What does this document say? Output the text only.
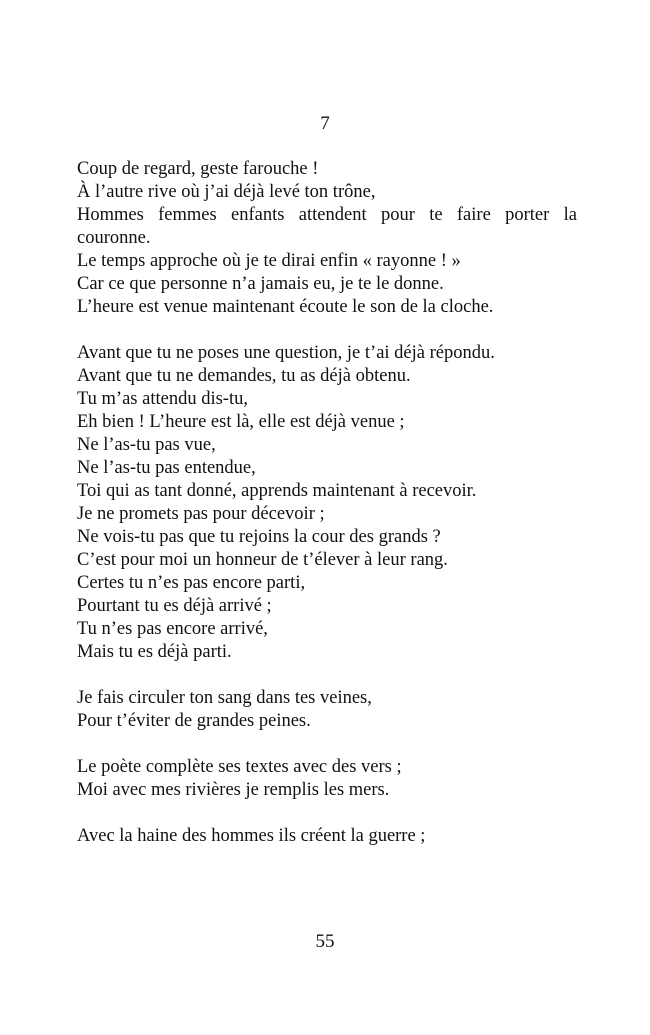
7
Coup de regard, geste farouche !
À l’autre rive où j’ai déjà levé ton trône,
Hommes femmes enfants attendent pour te faire porter la
couronne.
Le temps approche où je te dirai enfin « rayonne ! »
Car ce que personne n’a jamais eu, je te le donne.
L’heure est venue maintenant écoute le son de la cloche.
Avant que tu ne poses une question, je t’ai déjà répondu.
Avant que tu ne demandes, tu as déjà obtenu.
Tu m’as attendu dis-tu,
Eh bien ! L’heure est là, elle est déjà venue ;
Ne l’as-tu pas vue,
Ne l’as-tu pas entendue,
Toi qui as tant donné, apprends maintenant à recevoir.
Je ne promets pas pour décevoir ;
Ne vois-tu pas que tu rejoins la cour des grands ?
C’est pour moi un honneur de t’élever à leur rang.
Certes tu n’es pas encore parti,
Pourtant tu es déjà arrivé ;
Tu n’es pas encore arrivé,
Mais tu es déjà parti.
Je fais circuler ton sang dans tes veines,
Pour t’éviter de grandes peines.
Le poète complète ses textes avec des vers ;
Moi avec mes rivières je remplis les mers.
Avec la haine des hommes ils créent la guerre ;
55
